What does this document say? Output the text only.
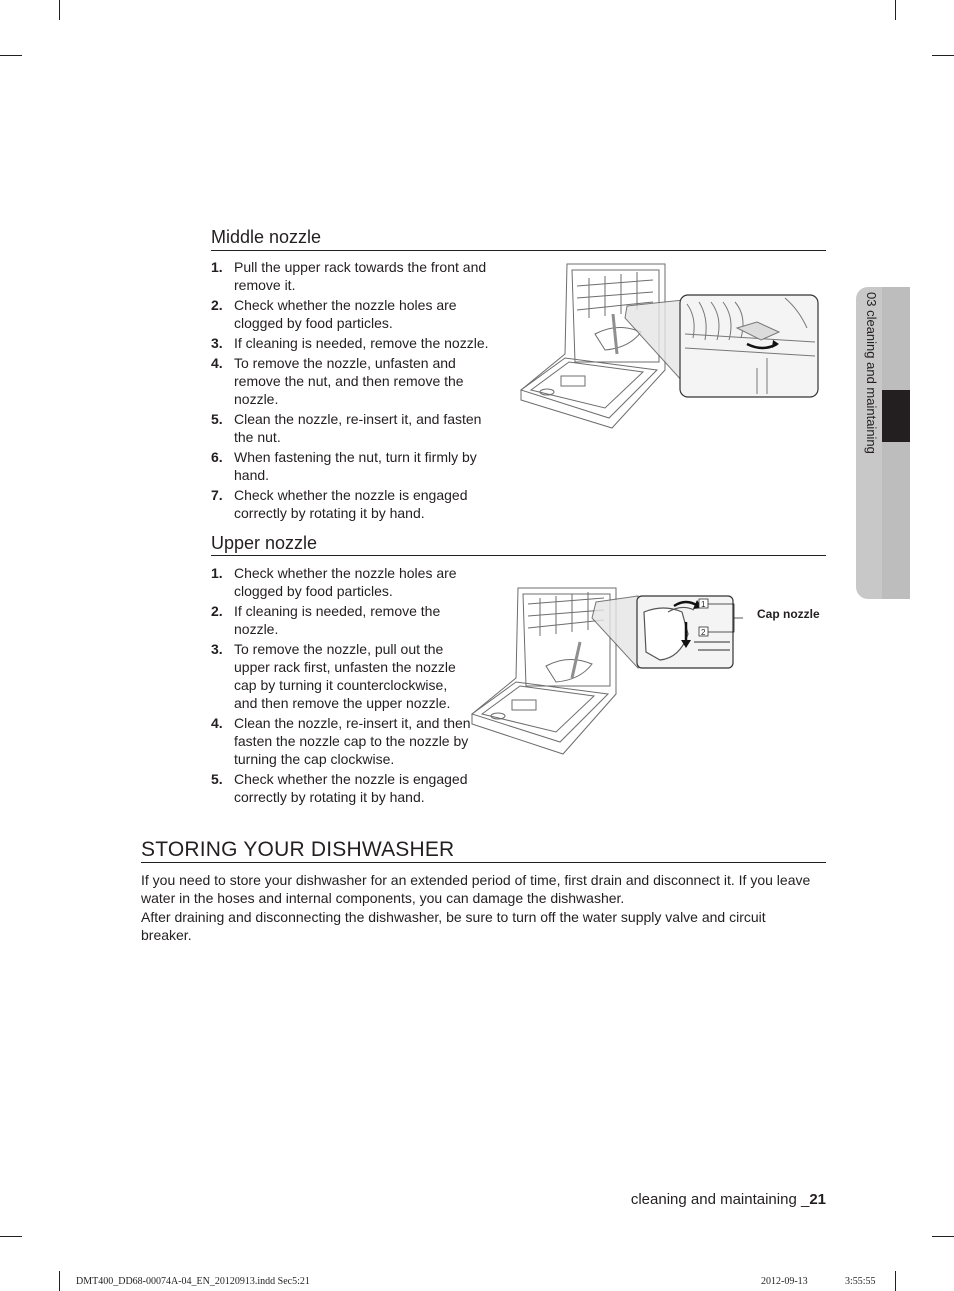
Middle nozzle
1. Pull the upper rack towards the front and remove it.
2. Check whether the nozzle holes are clogged by food particles.
3. If cleaning is needed, remove the nozzle.
4. To remove the nozzle, unfasten and remove the nut, and then remove the nozzle.
5. Clean the nozzle, re-insert it, and fasten the nut.
6. When fastening the nut, turn it firmly by hand.
7. Check whether the nozzle is engaged correctly by rotating it by hand.
Upper nozzle
1. Check whether the nozzle holes are clogged by food particles.
2. If cleaning is needed, remove the nozzle.
3. To remove the nozzle, pull out the upper rack first, unfasten the nozzle cap by turning it counterclockwise, and then remove the upper nozzle.
4. Clean the nozzle, re-insert it, and then fasten the nozzle cap to the nozzle by turning the cap clockwise.
5. Check whether the nozzle is engaged correctly by rotating it by hand.
1
2
Cap nozzle
STORING YOUR DISHWASHER

If you need to store your dishwasher for an extended period of time, first drain and disconnect it. If you leave water in the hoses and internal components, you can damage the dishwasher.

After draining and disconnecting the dishwasher, be sure to turn off the water supply valve and circuit breaker.

03 cleaning and maintaining
cleaning and maintaining _21
DMT400_DD68-00074A-04_EN_20120913.indd Sec5:21	2012-09-13	3:55:55
